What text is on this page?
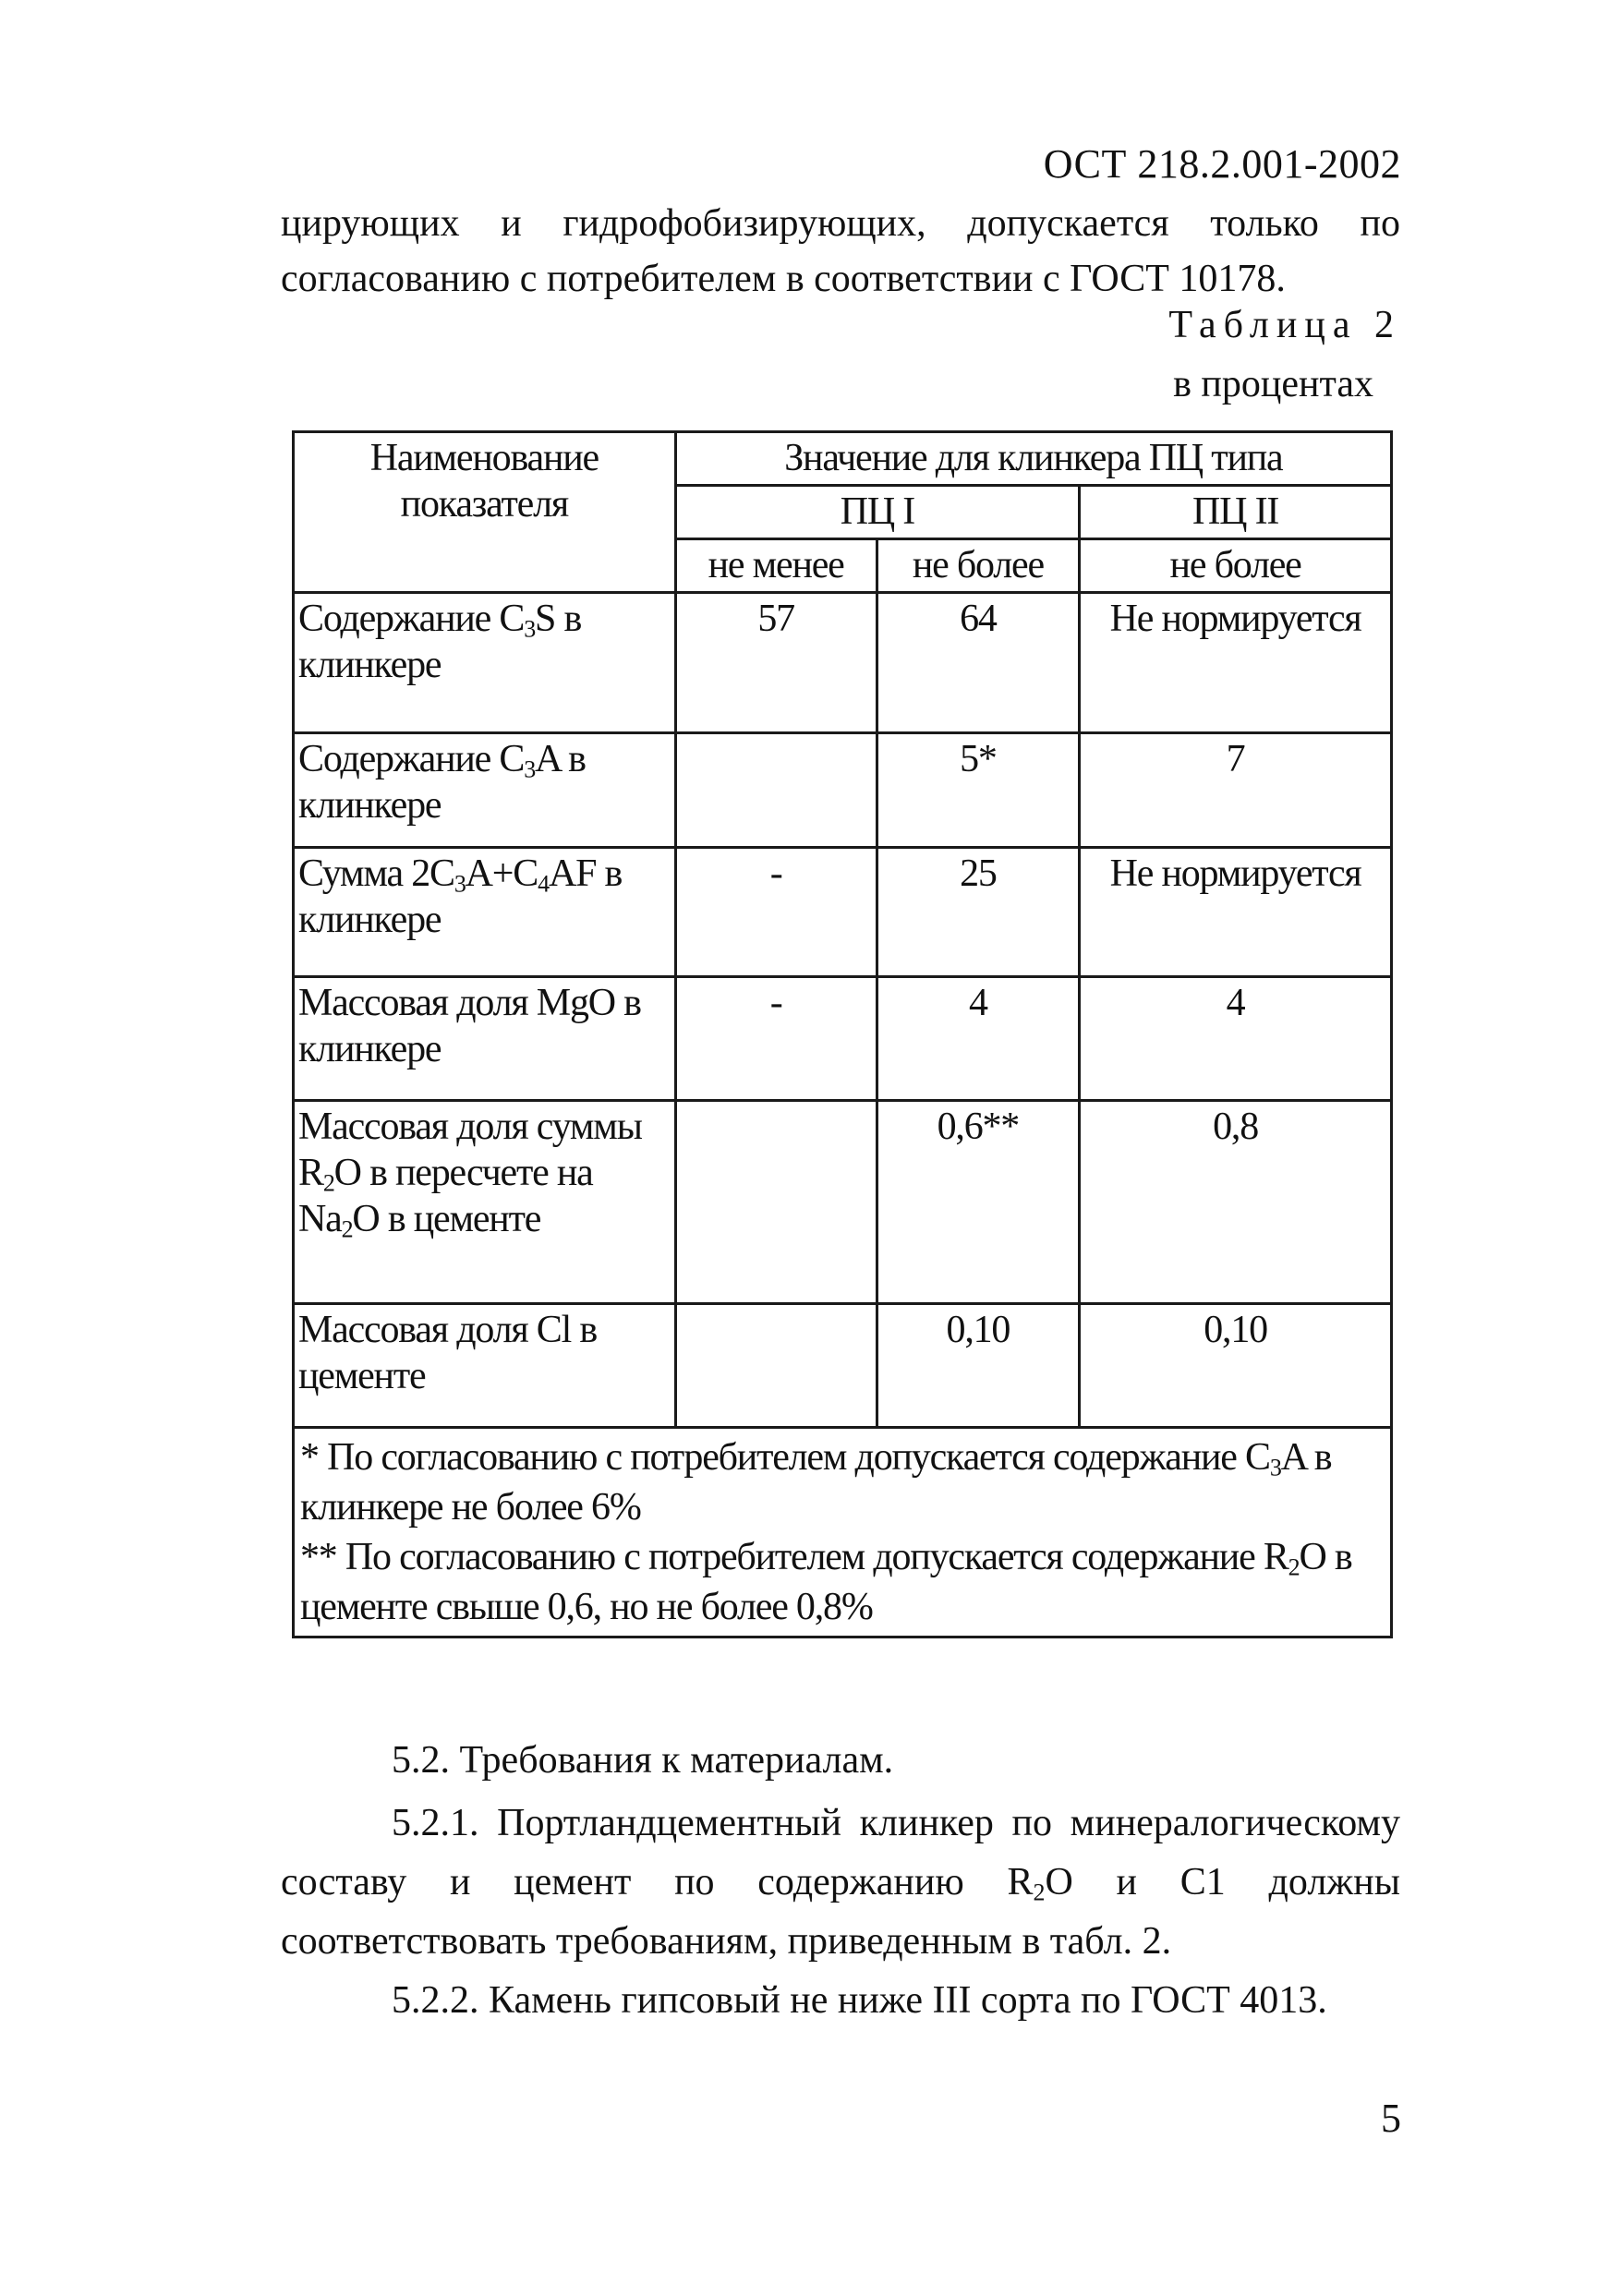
ОСТ 218.2.001-2002
цирующих и гидрофобизирующих, допускается только по
согласованию с потребителем в соответствии с ГОСТ 10178.
Таблица 2
в процентах
Наименование показателя	Значение для клинкера ПЦ типа		
	ПЦ I		ПЦ II
	не менее	не более	не более
Содержание $C_3S$ в клинкере	57	64	Не нормируется
Содержание $C_3A$ в клинкере		5*	7
Сумма $2C_3A+C_4AF$ в клинкере	-	25	Не нормируется
Массовая доля MgO в клинкере	-	4	4
Массовая доля суммы $R_2O$ в пересчете на $Na_2O$ в цементе		0,6**	0,8
Массовая доля Cl в цементе		0,10	0,10

* По согласованию с потребителем допускается содержание $C_3A$ в клинкере не более 6%
** По согласованию с потребителем допускается содержание $R_2O$ в цементе свыше 0,6, но не более 0,8%			
5.2. Требования к материалам.
5.2.1. Портландцементный клинкер по минералогическому составу и цемент по содержанию $R_2O$ и C1 должны соответствовать требованиям, приведенным в табл. 2.
5.2.2. Камень гипсовый не ниже III сорта по ГОСТ 4013.
5
